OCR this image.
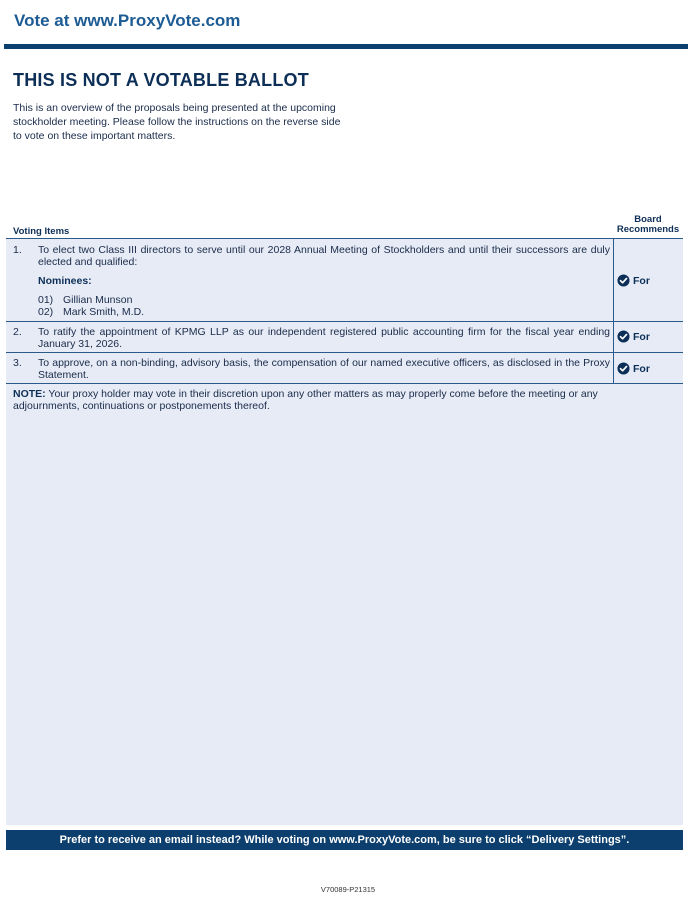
Vote at www.ProxyVote.com
THIS IS NOT A VOTABLE BALLOT
This is an overview of the proposals being presented at the upcoming stockholder meeting. Please follow the instructions on the reverse side to vote on these important matters.
Voting Items
Board Recommends
1. To elect two Class III directors to serve until our 2028 Annual Meeting of Stockholders and until their successors are duly elected and qualified:
Nominees:
01) Gillian Munson
02) Mark Smith, M.D.
For
2. To ratify the appointment of KPMG LLP as our independent registered public accounting firm for the fiscal year ending January 31, 2026.
For
3. To approve, on a non-binding, advisory basis, the compensation of our named executive officers, as disclosed in the Proxy Statement.
For
NOTE: Your proxy holder may vote in their discretion upon any other matters as may properly come before the meeting or any adjournments, continuations or postponements thereof.
Prefer to receive an email instead? While voting on www.ProxyVote.com, be sure to click “Delivery Settings”.
V70089-P21315
